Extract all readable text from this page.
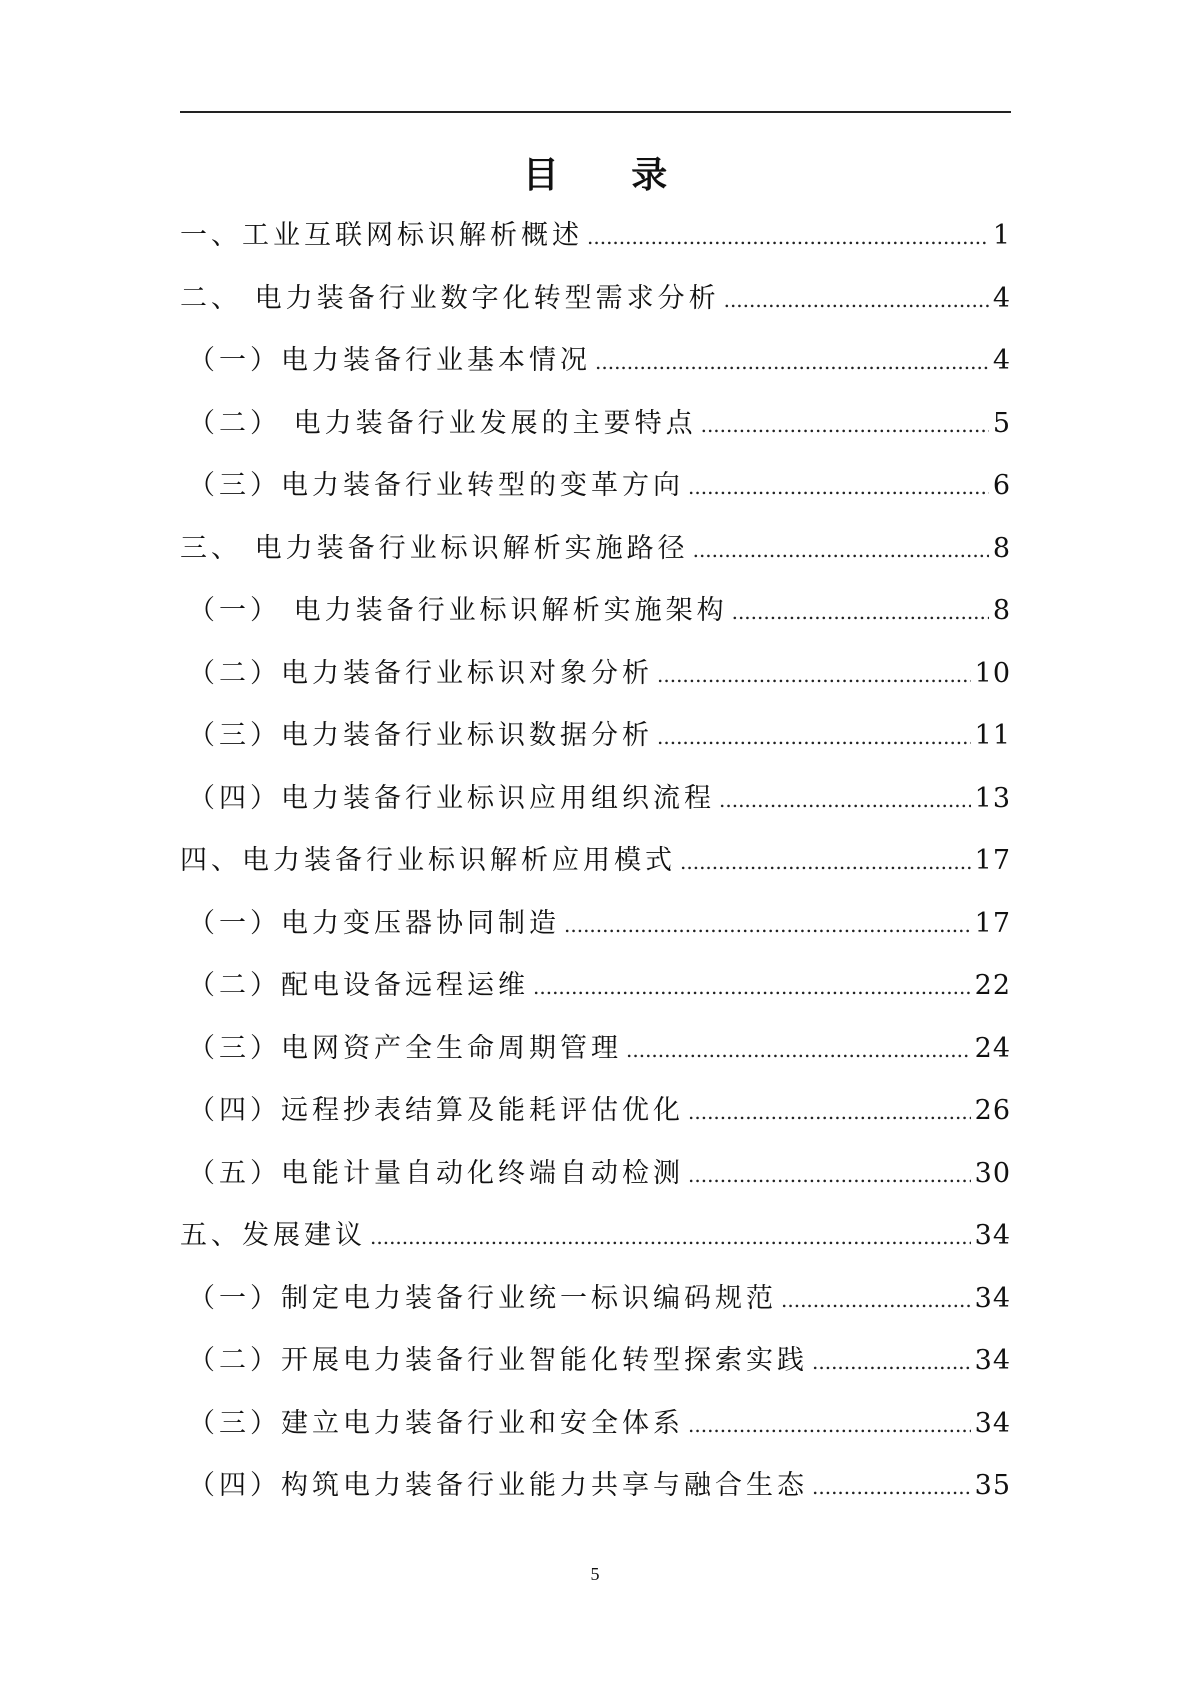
目 录
一、工业互联网标识解析概述 .....	1
二、 电力装备行业数字化转型需求分析 .....	4
（一）电力装备行业基本情况 .....	4
（二） 电力装备行业发展的主要特点 .....	5
（三）电力装备行业转型的变革方向 .....	6
三、 电力装备行业标识解析实施路径 .....	8
（一） 电力装备行业标识解析实施架构 .....	8
（二）电力装备行业标识对象分析 .....	10
（三）电力装备行业标识数据分析 .....	11
（四）电力装备行业标识应用组织流程 .....	13
四、电力装备行业标识解析应用模式 .....	17
（一）电力变压器协同制造 .....	17
（二）配电设备远程运维 .....	22
（三）电网资产全生命周期管理 .....	24
（四）远程抄表结算及能耗评估优化 .....	26
（五）电能计量自动化终端自动检测 .....	30
五、发展建议 .....	34
（一）制定电力装备行业统一标识编码规范 .....	34
（二）开展电力装备行业智能化转型探索实践 .....	34
（三）建立电力装备行业和安全体系 .....	34
（四）构筑电力装备行业能力共享与融合生态 .....	35
5
